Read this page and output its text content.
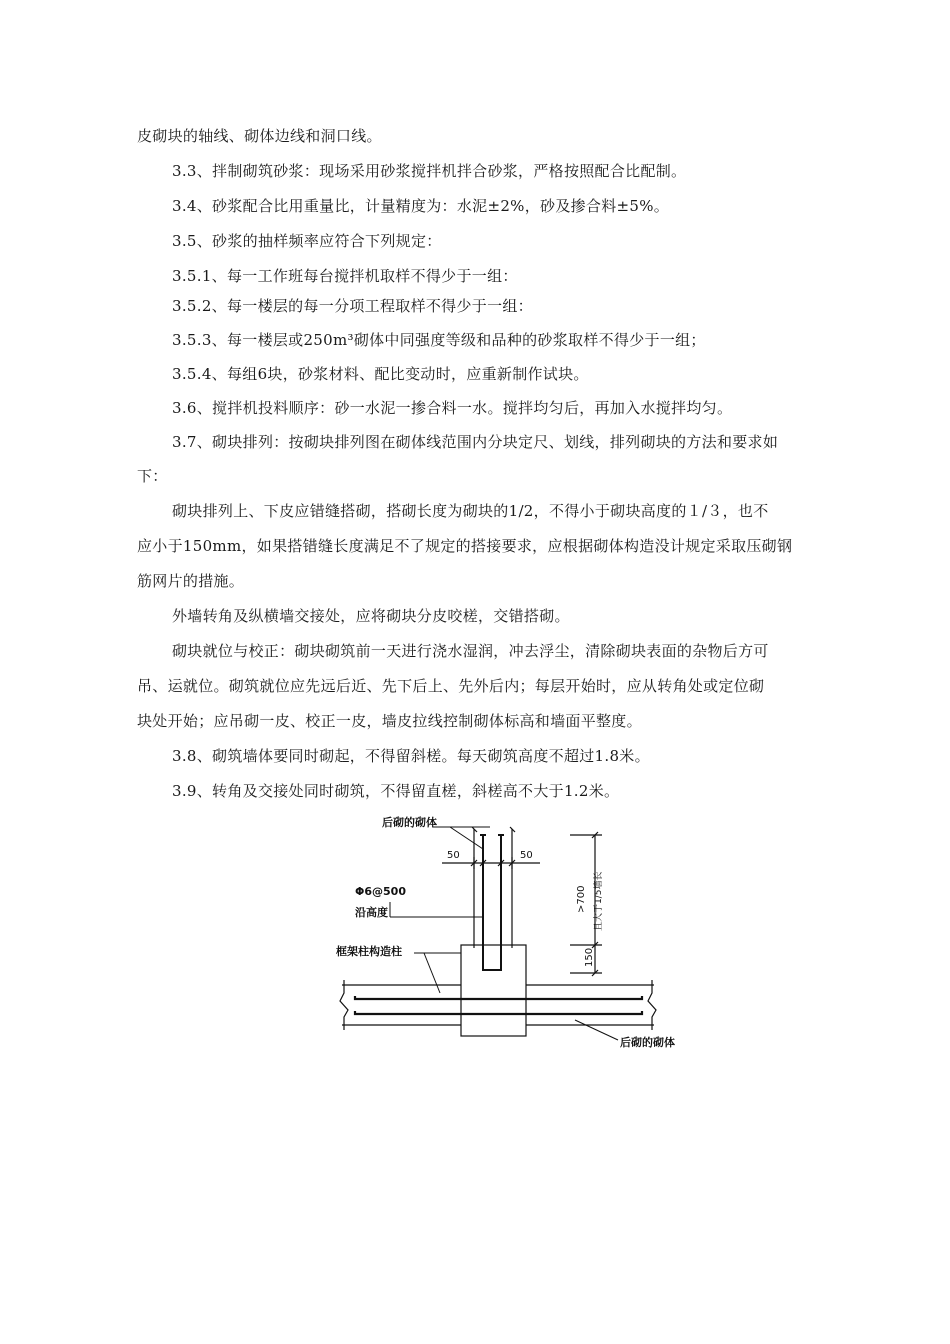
皮砌块的轴线、砌体边线和洞口线。
3.3、拌制砌筑砂浆：现场采用砂浆搅拌机拌合砂浆，严格按照配合比配制。
3.4、砂浆配合比用重量比，计量精度为：水泥±2%，砂及掺合料±5%。
3.5、砂浆的抽样频率应符合下列规定：
3.5.1、每一工作班每台搅拌机取样不得少于一组：
3.5.2、每一楼层的每一分项工程取样不得少于一组：
3.5.3、每一楼层或250m³砌体中同强度等级和品种的砂浆取样不得少于一组；
3.5.4、每组6块，砂浆材料、配比变动时，应重新制作试块。
3.6、搅拌机投料顺序：砂一水泥一掺合料一水。搅拌均匀后，再加入水搅拌均匀。
3.7、砌块排列：按砌块排列图在砌体线范围内分块定尺、划线，排列砌块的方法和要求如
下：
砌块排列上、下皮应错缝搭砌，搭砌长度为砌块的1/2，不得小于砌块高度的１/３，也不
应小于150mm，如果搭错缝长度满足不了规定的搭接要求，应根据砌体构造没计规定采取压砌钢
筋网片的措施。
外墙转角及纵横墙交接处，应将砌块分皮咬槎，交错搭砌。
砌块就位与校正：砌块砌筑前一天进行浇水湿润，冲去浮尘，清除砌块表面的杂物后方可
吊、运就位。砌筑就位应先远后近、先下后上、先外后内；每层开始时，应从转角处或定位砌
块处开始；应吊砌一皮、校正一皮，墙皮拉线控制砌体标高和墙面平整度。
3.8、砌筑墙体要同时砌起，不得留斜槎。每天砌筑高度不超过1.8米。
3.9、转角及交接处同时砌筑，不得留直槎，斜槎高不大于1.2米。
后砌的砌体
50	50
Φ6@500
沿高度
框架柱构造柱
后砌的砌体
>700 且大于1/5墙长
150
